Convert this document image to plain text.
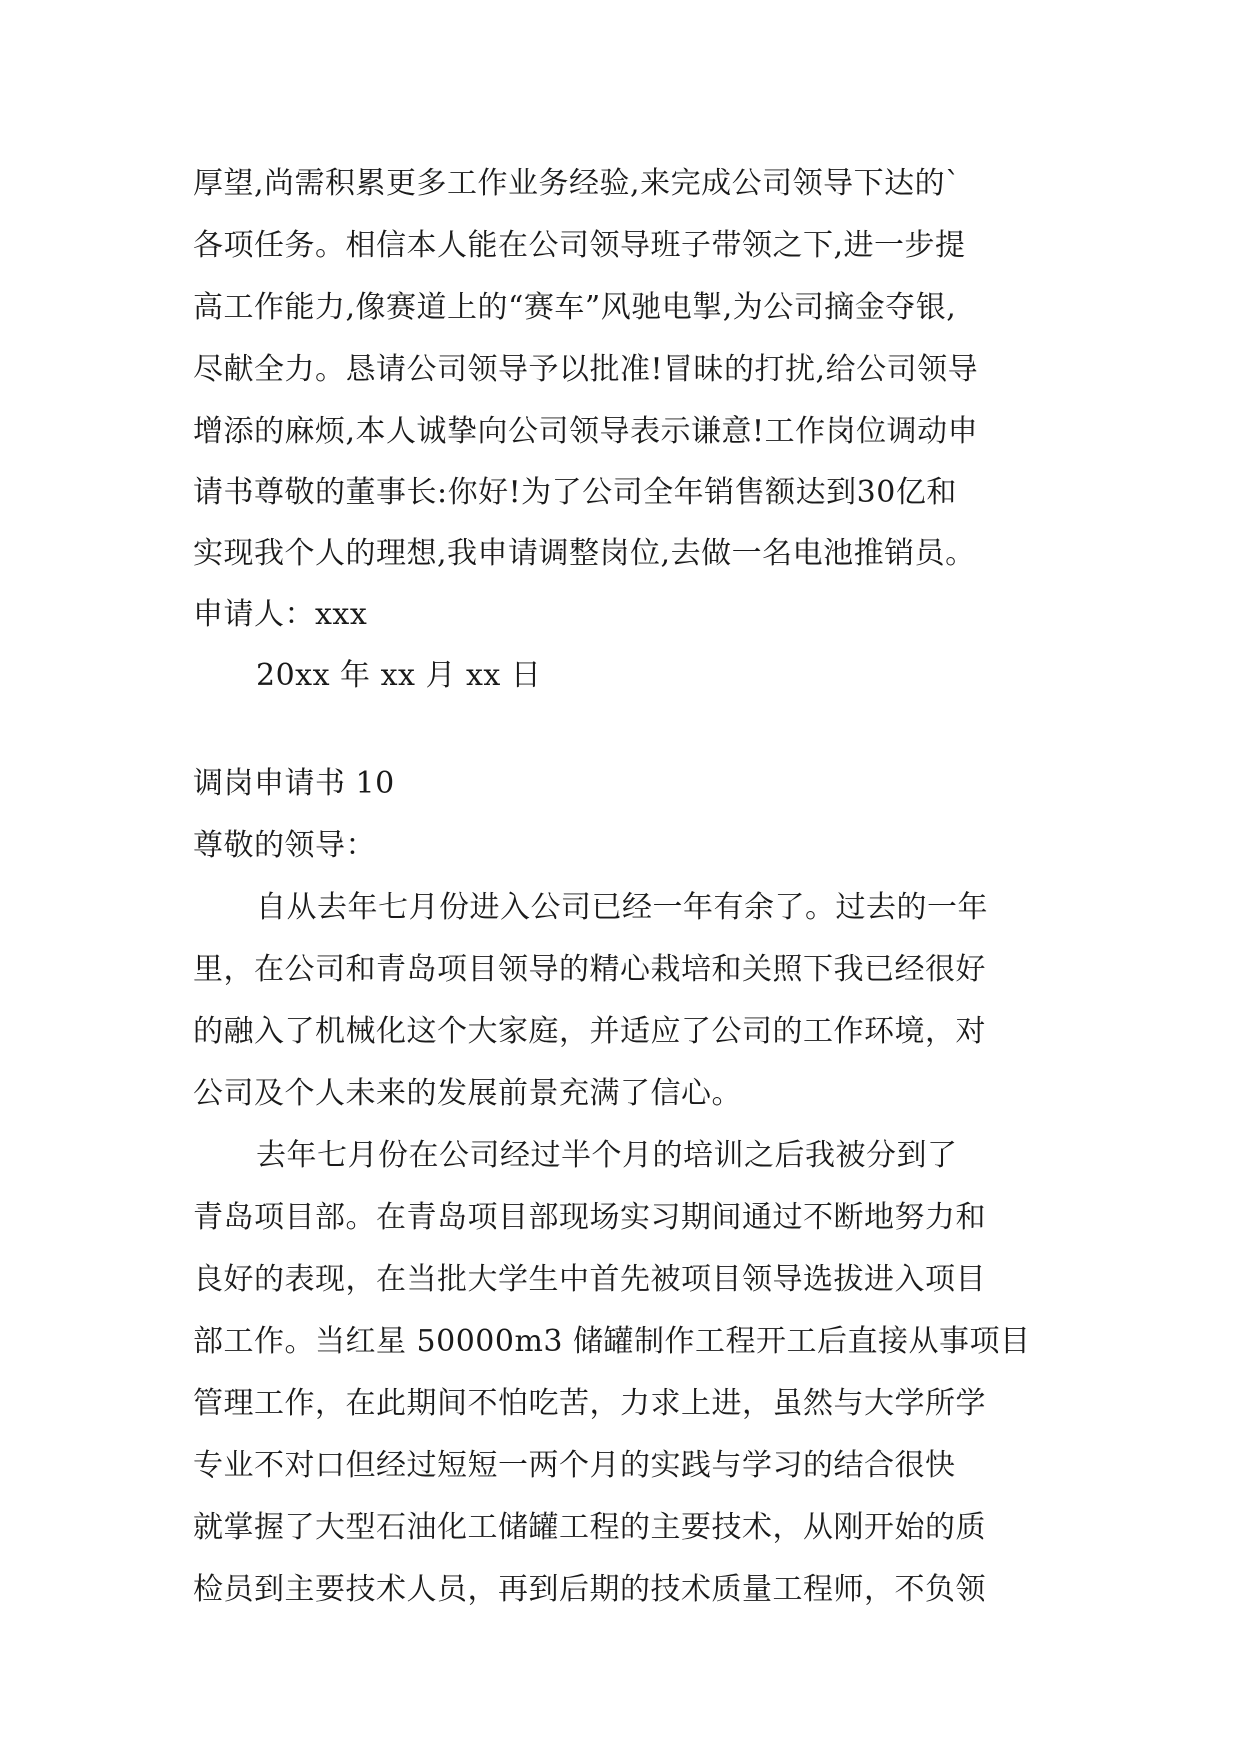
厚望,尚需积累更多工作业务经验,来完成公司领导下达的`
各项任务。相信本人能在公司领导班子带领之下,进一步提
高工作能力,像赛道上的“赛车”风驰电掣,为公司摘金夺银,
尽献全力。恳请公司领导予以批准!冒昧的打扰,给公司领导
增添的麻烦,本人诚挚向公司领导表示谦意!工作岗位调动申
请书尊敬的董事长:你好!为了公司全年销售额达到30亿和
实现我个人的理想,我申请调整岗位,去做一名电池推销员。
申请人：xxx
20xx 年 xx 月 xx 日
调岗申请书 10
尊敬的领导：
自从去年七月份进入公司已经一年有余了。过去的一年
里，在公司和青岛项目领导的精心栽培和关照下我已经很好
的融入了机械化这个大家庭，并适应了公司的工作环境，对
公司及个人未来的发展前景充满了信心。
去年七月份在公司经过半个月的培训之后我被分到了
青岛项目部。在青岛项目部现场实习期间通过不断地努力和
良好的表现，在当批大学生中首先被项目领导选拔进入项目
部工作。当红星 50000m3 储罐制作工程开工后直接从事项目
管理工作，在此期间不怕吃苦，力求上进，虽然与大学所学
专业不对口但经过短短一两个月的实践与学习的结合很快
就掌握了大型石油化工储罐工程的主要技术，从刚开始的质
检员到主要技术人员，再到后期的技术质量工程师，不负领
